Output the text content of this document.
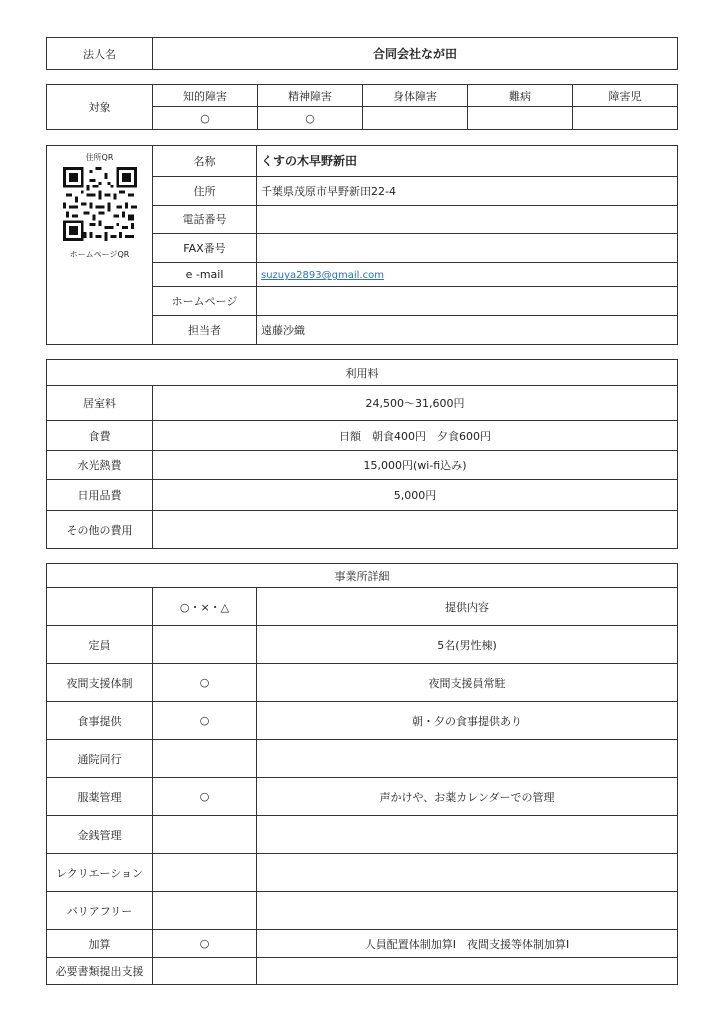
法人名	合同会社なが田
対象	知的障害	精神障害	身体障害	難病	障害児
	○	○			
住所QR
ホームページQR	名称	くすの木早野新田
	住所	千葉県茂原市早野新田22-4
	電話番号	
	FAX番号	
	e -mail	suzuya2893@gmail.com
	ホームページ	
	担当者	遠藤沙織
利用料	
居室料	24,500～31,600円
食費	日額　朝食400円　夕食600円
水光熱費	15,000円(wi-fi込み)
日用品費	5,000円
その他の費用	
事業所詳細		
	○・×・△	提供内容
定員		5名(男性棟)
夜間支援体制	○	夜間支援員常駐
食事提供	○	朝・夕の食事提供あり
通院同行		
服薬管理	○	声かけや、お薬カレンダーでの管理
金銭管理		
レクリエーション		
バリアフリー		
加算	○	人員配置体制加算Ⅰ　夜間支援等体制加算Ⅰ
必要書類提出支援		
